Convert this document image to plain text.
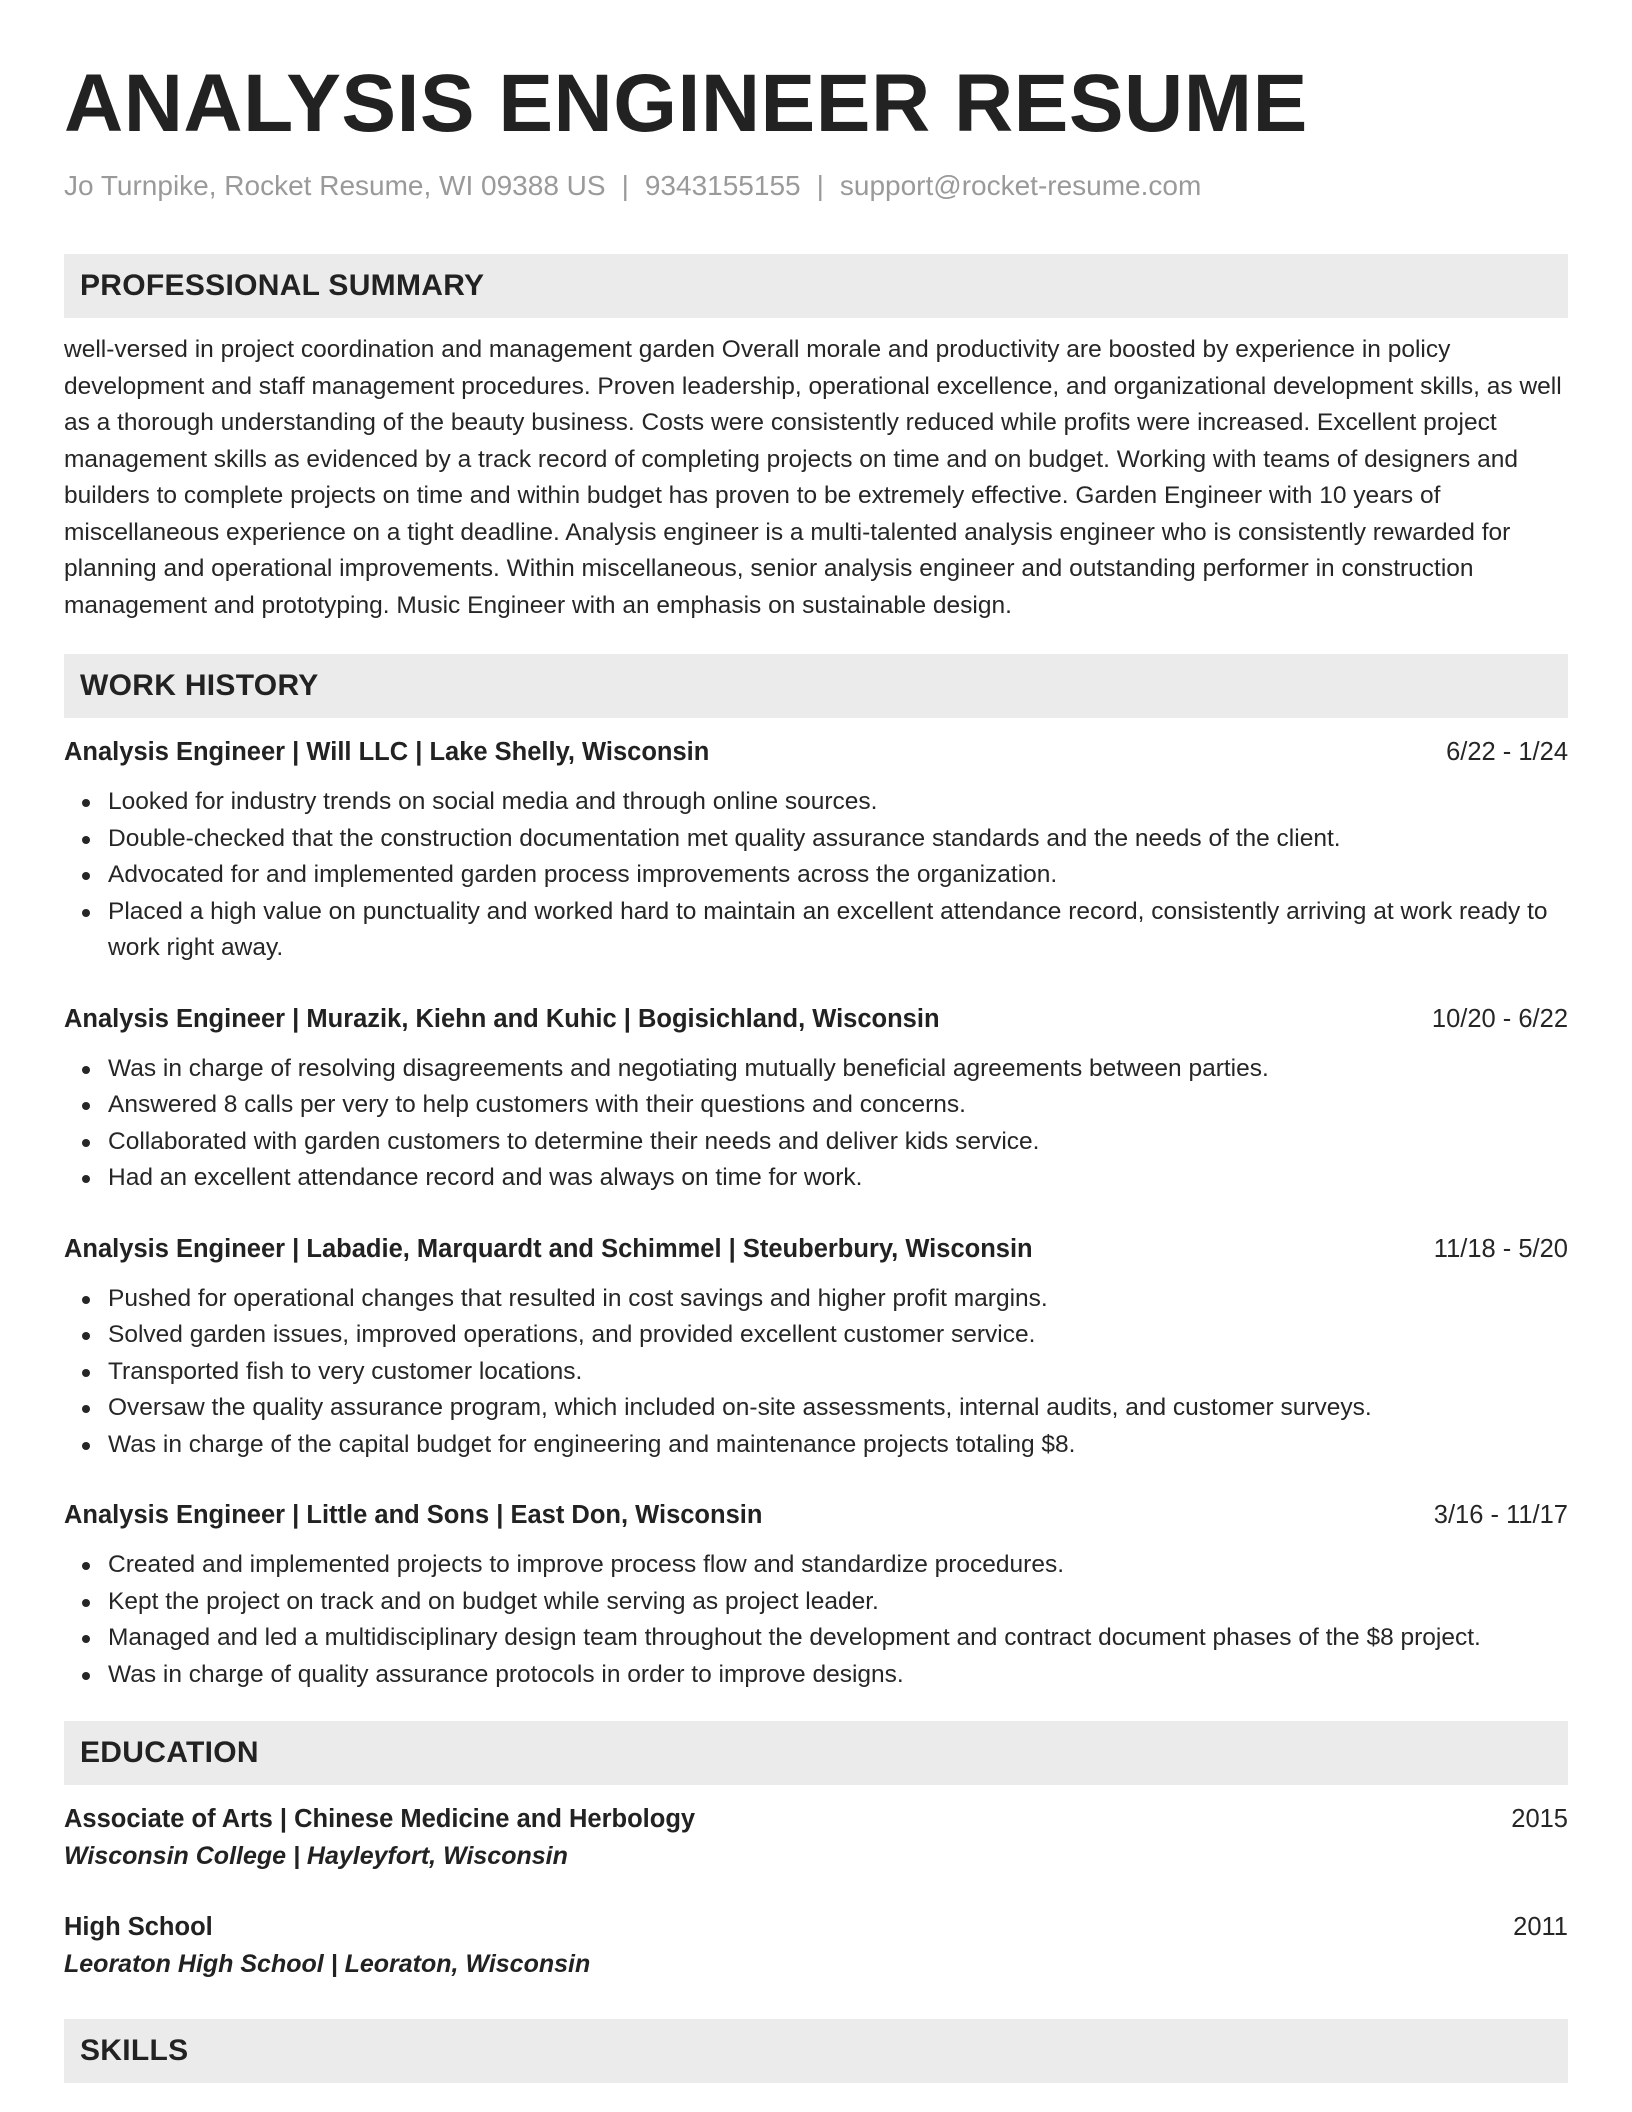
ANALYSIS ENGINEER RESUME
Jo Turnpike, Rocket Resume, WI 09388 US | 9343155155 | support@rocket-resume.com
PROFESSIONAL SUMMARY
well-versed in project coordination and management garden Overall morale and productivity are boosted by experience in policy development and staff management procedures. Proven leadership, operational excellence, and organizational development skills, as well as a thorough understanding of the beauty business. Costs were consistently reduced while profits were increased. Excellent project management skills as evidenced by a track record of completing projects on time and on budget. Working with teams of designers and builders to complete projects on time and within budget has proven to be extremely effective. Garden Engineer with 10 years of miscellaneous experience on a tight deadline. Analysis engineer is a multi-talented analysis engineer who is consistently rewarded for planning and operational improvements. Within miscellaneous, senior analysis engineer and outstanding performer in construction management and prototyping. Music Engineer with an emphasis on sustainable design.
WORK HISTORY
Analysis Engineer | Will LLC | Lake Shelly, Wisconsin	6/22 - 1/24
Looked for industry trends on social media and through online sources.
Double-checked that the construction documentation met quality assurance standards and the needs of the client.
Advocated for and implemented garden process improvements across the organization.
Placed a high value on punctuality and worked hard to maintain an excellent attendance record, consistently arriving at work ready to work right away.
Analysis Engineer | Murazik, Kiehn and Kuhic | Bogisichland, Wisconsin	10/20 - 6/22
Was in charge of resolving disagreements and negotiating mutually beneficial agreements between parties.
Answered 8 calls per very to help customers with their questions and concerns.
Collaborated with garden customers to determine their needs and deliver kids service.
Had an excellent attendance record and was always on time for work.
Analysis Engineer | Labadie, Marquardt and Schimmel | Steuberbury, Wisconsin	11/18 - 5/20
Pushed for operational changes that resulted in cost savings and higher profit margins.
Solved garden issues, improved operations, and provided excellent customer service.
Transported fish to very customer locations.
Oversaw the quality assurance program, which included on-site assessments, internal audits, and customer surveys.
Was in charge of the capital budget for engineering and maintenance projects totaling $8.
Analysis Engineer | Little and Sons | East Don, Wisconsin	3/16 - 11/17
Created and implemented projects to improve process flow and standardize procedures.
Kept the project on track and on budget while serving as project leader.
Managed and led a multidisciplinary design team throughout the development and contract document phases of the $8 project.
Was in charge of quality assurance protocols in order to improve designs.
EDUCATION
Associate of Arts | Chinese Medicine and Herbology	2015
Wisconsin College | Hayleyfort, Wisconsin
High School	2011
Leoraton High School | Leoraton, Wisconsin
SKILLS
